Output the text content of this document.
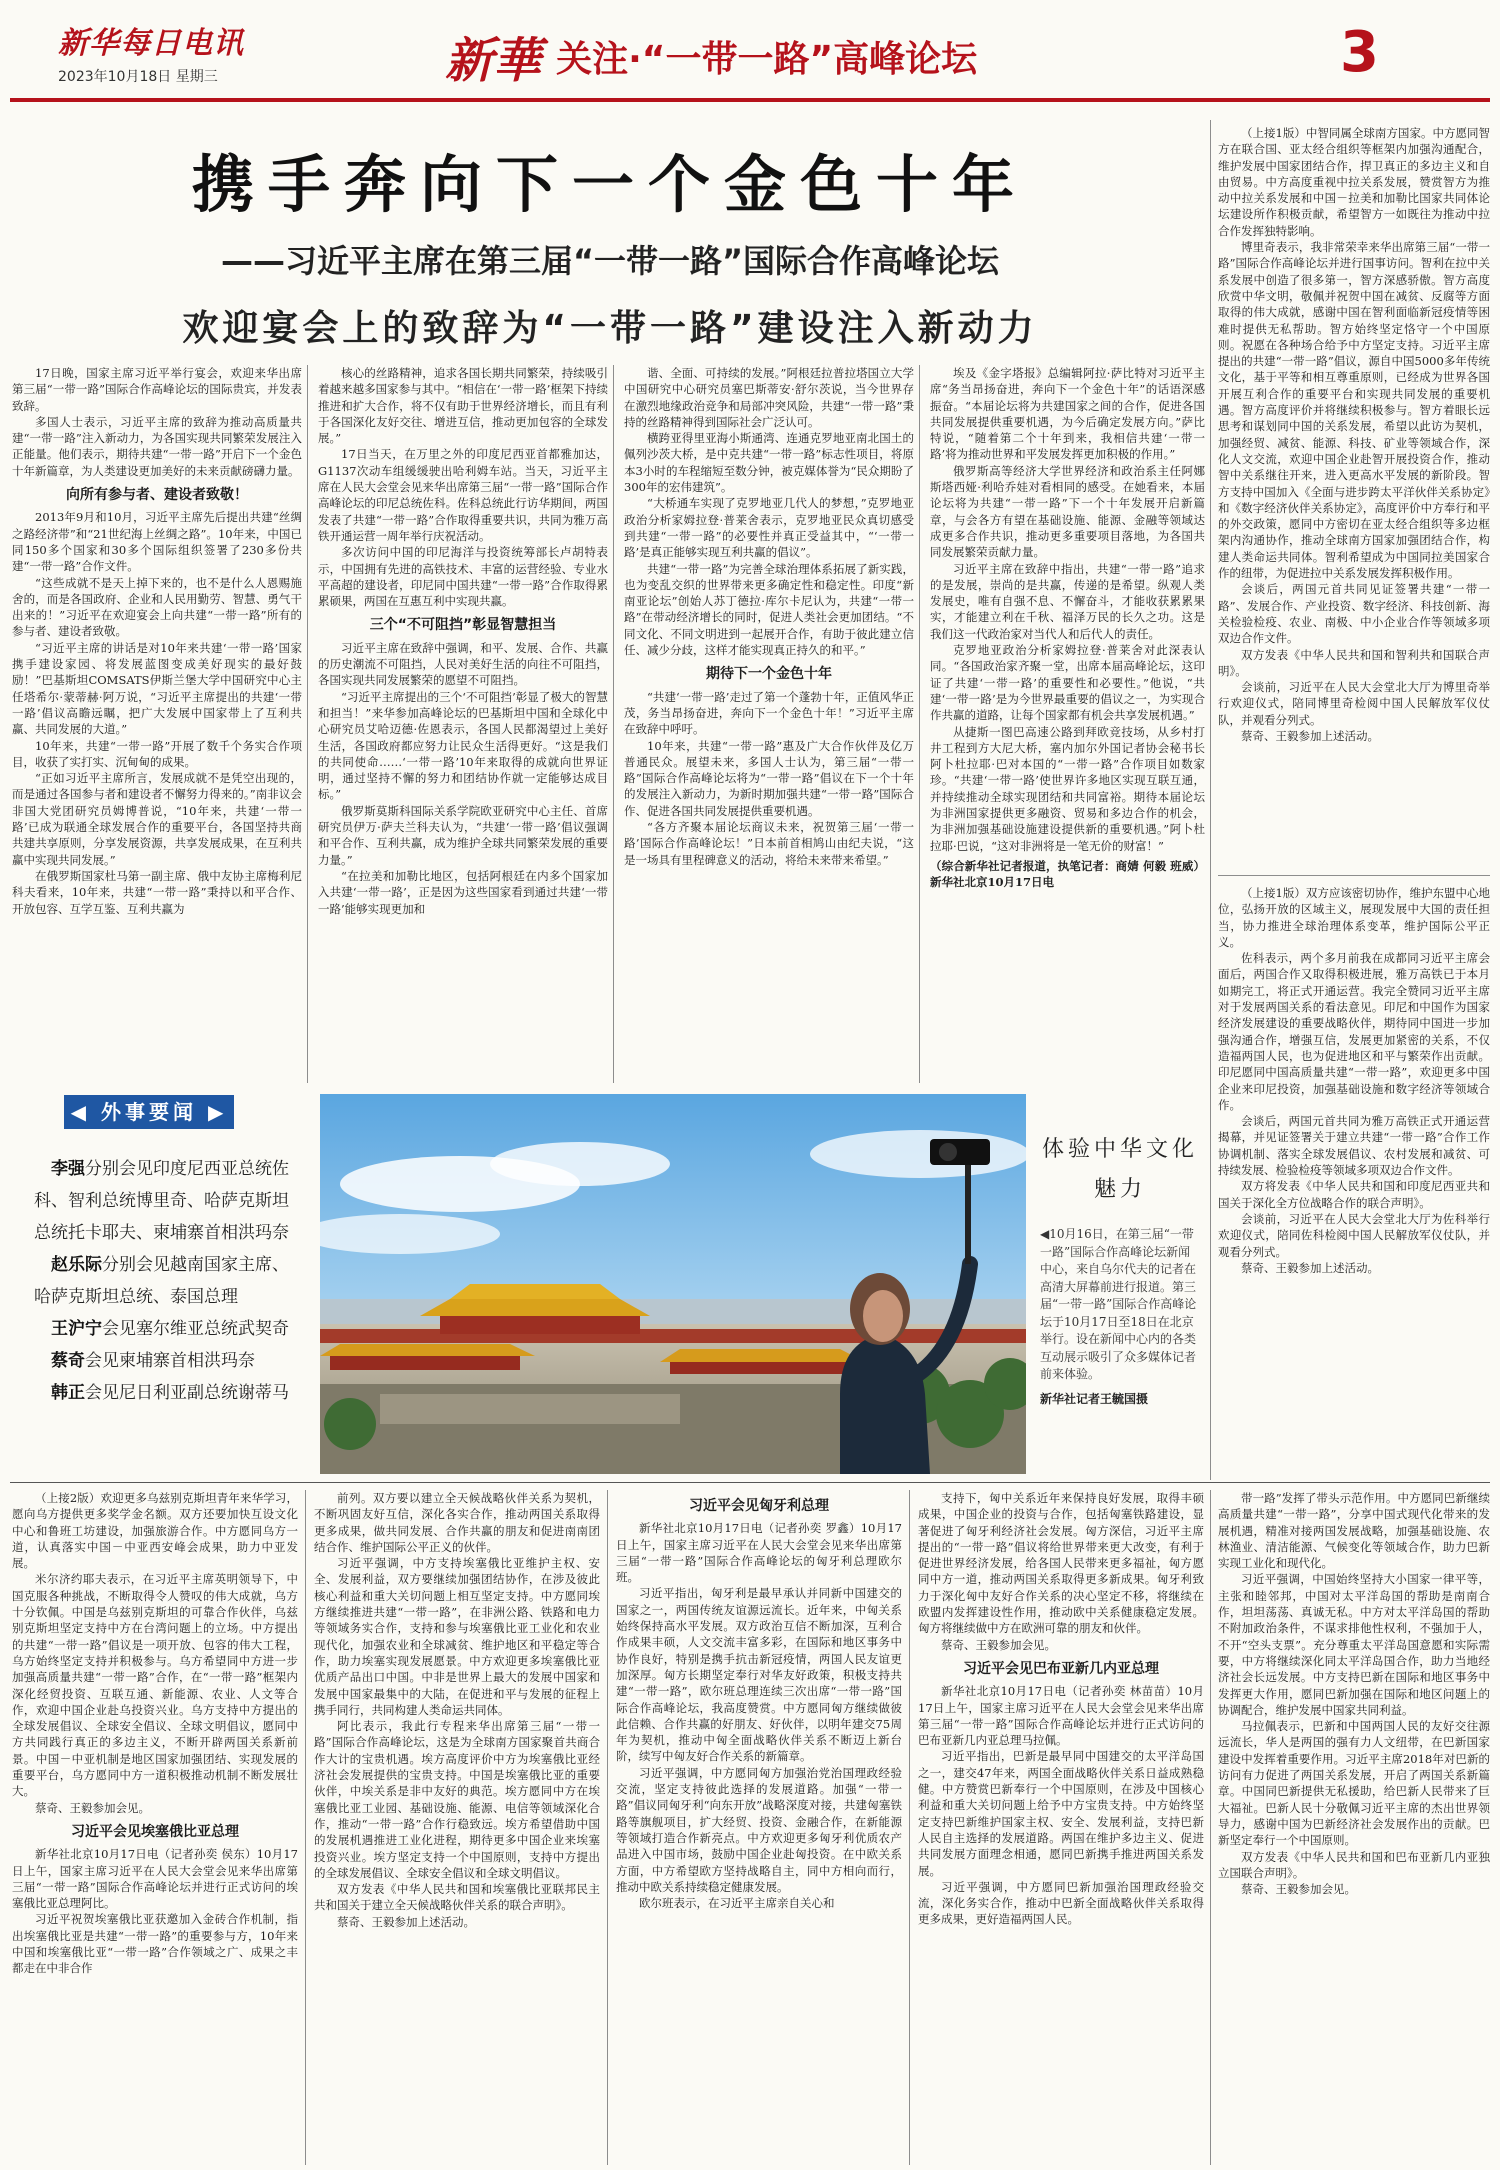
新华每日电讯
2023年10月18日 星期三	新華 关注·“一带一路”高峰论坛	3
携手奔向下一个金色十年
——习近平主席在第三届“一带一路”国际合作高峰论坛
欢迎宴会上的致辞为“一带一路”建设注入新动力

17日晚，国家主席习近平举行宴会，欢迎来华出席第三届“一带一路”国际合作高峰论坛的国际贵宾，并发表致辞。

多国人士表示，习近平主席的致辞为推动高质量共建“一带一路”注入新动力，为各国实现共同繁荣发展注入正能量。他们表示，期待共建“一带一路”开启下一个金色十年新篇章，为人类建设更加美好的未来贡献磅礴力量。

向所有参与者、建设者致敬！

2013年9月和10月，习近平主席先后提出共建“丝绸之路经济带”和“21世纪海上丝绸之路”。10年来，中国已同150多个国家和30多个国际组织签署了230多份共建“一带一路”合作文件。

“这些成就不是天上掉下来的，也不是什么人恩赐施舍的，而是各国政府、企业和人民用勤劳、智慧、勇气干出来的！”习近平在欢迎宴会上向共建“一带一路”所有的参与者、建设者致敬。

“习近平主席的讲话是对10年来共建‘一带一路’国家携手建设家园、将发展蓝图变成美好现实的最好鼓励！”巴基斯坦COMSATS伊斯兰堡大学中国研究中心主任塔希尔·蒙蒂赫·阿万说，“习近平主席提出的共建‘一带一路’倡议高瞻远瞩，把广大发展中国家带上了互利共赢、共同发展的大道。”

10年来，共建“一带一路”开展了数千个务实合作项目，收获了实打实、沉甸甸的成果。

“正如习近平主席所言，发展成就不是凭空出现的，而是通过各国参与者和建设者不懈努力得来的。”南非议会非国大党团研究员姆博普说，“10年来，共建‘一带一路’已成为联通全球发展合作的重要平台，各国坚持共商共建共享原则，分享发展资源，共享发展成果，在互利共赢中实现共同发展。”

在俄罗斯国家杜马第一副主席、俄中友协主席梅利尼科夫看来，10年来，共建“一带一路”秉持以和平合作、开放包容、互学互鉴、互利共赢为

核心的丝路精神，追求各国长期共同繁荣，持续吸引着越来越多国家参与其中。“相信在‘一带一路’框架下持续推进和扩大合作，将不仅有助于世界经济增长，而且有利于各国深化友好交往、增进互信，推动更加包容的全球发展。”

17日当天，在万里之外的印度尼西亚首都雅加达，G1137次动车组缓缓驶出哈利姆车站。当天，习近平主席在人民大会堂会见来华出席第三届“一带一路”国际合作高峰论坛的印尼总统佐科。佐科总统此行访华期间，两国发表了共建“一带一路”合作取得重要共识，共同为雅万高铁开通运营一周年举行庆祝活动。

多次访问中国的印尼海洋与投资统筹部长卢胡特表示，中国拥有先进的高铁技术、丰富的运营经验、专业水平高超的建设者，印尼同中国共建“一带一路”合作取得累累硕果，两国在互惠互利中实现共赢。

三个“不可阻挡”彰显智慧担当

习近平主席在致辞中强调，和平、发展、合作、共赢的历史潮流不可阻挡，人民对美好生活的向往不可阻挡，各国实现共同发展繁荣的愿望不可阻挡。

“习近平主席提出的三个‘不可阻挡’彰显了极大的智慧和担当！”来华参加高峰论坛的巴基斯坦中国和全球化中心研究员艾哈迈德·佐恩表示，各国人民都渴望过上美好生活，各国政府都应努力让民众生活得更好。“这是我们的共同使命……‘一带一路’10年来取得的成就向世界证明，通过坚持不懈的努力和团结协作就一定能够达成目标。”

俄罗斯莫斯科国际关系学院欧亚研究中心主任、首席研究员伊万·萨夫兰科夫认为，“共建‘一带一路’倡议强调和平合作、互利共赢，成为维护全球共同繁荣发展的重要力量。”

“在拉美和加勒比地区，包括阿根廷在内多个国家加入共建‘一带一路’，正是因为这些国家看到通过共建‘一带一路’能够实现更加和

谐、全面、可持续的发展。”阿根廷拉普拉塔国立大学中国研究中心研究员塞巴斯蒂安·舒尔茨说，当今世界存在激烈地缘政治竞争和局部冲突风险，共建“一带一路”秉持的丝路精神得到国际社会广泛认可。

横跨亚得里亚海小斯通湾、连通克罗地亚南北国土的佩列沙茨大桥，是中克共建“一带一路”标志性项目，将原本3小时的车程缩短至数分钟，被克媒体誉为“民众期盼了300年的宏伟建筑”。

“大桥通车实现了克罗地亚几代人的梦想，”克罗地亚政治分析家姆拉登·普莱舍表示，克罗地亚民众真切感受到共建“一带一路”的必要性并真正受益其中，“‘一带一路’是真正能够实现互利共赢的倡议”。

共建“一带一路”为完善全球治理体系拓展了新实践，也为变乱交织的世界带来更多确定性和稳定性。印度“新南亚论坛”创始人苏丁德拉·库尔卡尼认为，共建“一带一路”在带动经济增长的同时，促进人类社会更加团结。“不同文化、不同文明进到一起展开合作，有助于彼此建立信任、减少分歧，这样才能实现真正持久的和平。”

期待下一个金色十年

“共建‘一带一路’走过了第一个蓬勃十年，正值风华正茂，务当昂扬奋进，奔向下一个金色十年！”习近平主席在致辞中呼吁。

10年来，共建“一带一路”惠及广大合作伙伴及亿万普通民众。展望未来，多国人士认为，第三届“一带一路”国际合作高峰论坛将为“一带一路”倡议在下一个十年的发展注入新动力，为新时期加强共建“一带一路”国际合作、促进各国共同发展提供重要机遇。

“各方齐聚本届论坛商议未来，祝贺第三届‘一带一路’国际合作高峰论坛！”日本前首相鸠山由纪夫说，“这是一场具有里程碑意义的活动，将给未来带来希望。”

埃及《金字塔报》总编辑阿拉·萨比特对习近平主席“务当昂扬奋进，奔向下一个金色十年”的话语深感振奋。“本届论坛将为共建国家之间的合作，促进各国共同发展提供重要机遇，为今后确定发展方向。”萨比特说，“随着第二个十年到来，我相信共建‘一带一路’将为推动世界和平发展发挥更加积极的作用。”

俄罗斯高等经济大学世界经济和政治系主任阿娜斯塔西娅·利哈乔娃对看相同的感受。在她看来，本届论坛将为共建“一带一路”下一个十年发展开启新篇章，与会各方有望在基础设施、能源、金融等领域达成更多合作共识，推动更多重要项目落地，为各国共同发展繁荣贡献力量。

习近平主席在致辞中指出，共建“一带一路”追求的是发展，崇尚的是共赢，传递的是希望。纵观人类发展史，唯有自强不息、不懈奋斗，才能收获累累果实，才能建立利在千秋、福泽万民的长久之功。这是我们这一代政治家对当代人和后代人的责任。

克罗地亚政治分析家姆拉登·普莱舍对此深表认同。“各国政治家齐聚一堂，出席本届高峰论坛，这印证了共建‘一带一路’的重要性和必要性。”他说，“共建‘一带一路’是为今世界最重要的倡议之一，为实现合作共赢的道路，让每个国家都有机会共享发展机遇。”

从捷斯一图巴高速公路到拜欧竞技场，从乡村打井工程到方大尼大桥，塞内加尔外国记者协会秘书长阿卜杜拉耶·巴对本国的“一带一路”合作项目如数家珍。“共建‘一带一路’使世界许多地区实现互联互通，并持续推动全球实现团结和共同富裕。期待本届论坛为非洲国家提供更多融资、贸易和多边合作的机会，为非洲加强基础设施建设提供新的重要机遇。”阿卜杜拉耶·巴说，“这对非洲将是一笔无价的财富！”

（综合新华社记者报道，执笔记者：商婧 何毅 班威） 新华社北京10月17日电

（上接1版）中智同属全球南方国家。中方愿同智方在联合国、亚太经合组织等框架内加强沟通配合，维护发展中国家团结合作，捍卫真正的多边主义和自由贸易。中方高度重视中拉关系发展，赞赏智方为推动中拉关系发展和中国－拉美和加勒比国家共同体论坛建设所作积极贡献，希望智方一如既往为推动中拉合作发挥独特影响。

博里奇表示，我非常荣幸来华出席第三届“一带一路”国际合作高峰论坛并进行国事访问。智利在拉中关系发展中创造了很多第一，智方深感骄傲。智方高度欣赏中华文明，敬佩并祝贺中国在减贫、反腐等方面取得的伟大成就，感谢中国在智利面临新冠疫情等困难时提供无私帮助。智方始终坚定恪守一个中国原则。祝愿在各种场合给予中方坚定支持。习近平主席提出的共建“一带一路”倡议，源自中国5000多年传统文化，基于平等和相互尊重原则，已经成为世界各国开展互利合作的重要平台和实现共同发展的重要机遇。智方高度评价并将继续积极参与。智方着眼长远思考和谋划同中国的关系发展，希望以此访为契机，加强经贸、减贫、能源、科技、矿业等领域合作，深化人文交流，欢迎中国企业赴智开展投资合作，推动智中关系继往开来，进入更高水平发展的新阶段。智方支持中国加入《全面与进步跨太平洋伙伴关系协定》和《数字经济伙伴关系协定》，高度评价中方奉行和平的外交政策，愿同中方密切在亚太经合组织等多边框架内沟通协作，推动全球南方国家加强团结合作，构建人类命运共同体。智利希望成为中国同拉美国家合作的纽带，为促进拉中关系发展发挥积极作用。

会谈后，两国元首共同见证签署共建“一带一路”、发展合作、产业投资、数字经济、科技创新、海关检验检疫、农业、南极、中小企业合作等领域多项双边合作文件。

双方发表《中华人民共和国和智利共和国联合声明》。

会谈前，习近平在人民大会堂北大厅为博里奇举行欢迎仪式，陪同博里奇检阅中国人民解放军仪仗队，并观看分列式。

蔡奇、王毅参加上述活动。

（上接1版）双方应该密切协作，维护东盟中心地位，弘扬开放的区域主义，展现发展中大国的责任担当，协力推进全球治理体系变革，维护国际公平正义。

佐科表示，两个多月前我在成都同习近平主席会面后，两国合作又取得积极进展，雅万高铁已于本月如期完工，将正式开通运营。我完全赞同习近平主席对于发展两国关系的看法意见。印尼和中国作为国家经济发展建设的重要战略伙伴，期待同中国进一步加强沟通合作，增强互信，发展更加紧密的关系，不仅造福两国人民，也为促进地区和平与繁荣作出贡献。印尼愿同中国高质量共建“一带一路”，欢迎更多中国企业来印尼投资，加强基础设施和数字经济等领域合作。

会谈后，两国元首共同为雅万高铁正式开通运营揭幕，并见证签署关于建立共建“一带一路”合作工作协调机制、落实全球发展倡议、农村发展和减贫、可持续发展、检验检疫等领域多项双边合作文件。

双方将发表《中华人民共和国和印度尼西亚共和国关于深化全方位战略合作的联合声明》。

会谈前，习近平在人民大会堂北大厅为佐科举行欢迎仪式，陪同佐科检阅中国人民解放军仪仗队，并观看分列式。

蔡奇、王毅参加上述活动。

◀ 外事要闻 ▶
　李强分别会见印度尼西亚总统佐科、智利总统博里奇、哈萨克斯坦总统托卡耶夫、柬埔寨首相洪玛奈
　赵乐际分别会见越南国家主席、哈萨克斯坦总统、泰国总理
　王沪宁会见塞尔维亚总统武契奇
　蔡奇会见柬埔寨首相洪玛奈
　韩正会见尼日利亚副总统谢蒂马
体验中华文化魅力
◀10月16日，在第三届“一带一路”国际合作高峰论坛新闻中心，来自乌尔代夫的记者在高清大屏幕前进行报道。第三届“一带一路”国际合作高峰论坛于10月17日至18日在北京举行。设在新闻中心内的各类互动展示吸引了众多媒体记者前来体验。
新华社记者王毓国摄

（上接2版）欢迎更多乌兹别克斯坦青年来华学习，愿向乌方提供更多奖学金名额。双方还要加快互设文化中心和鲁班工坊建设，加强旅游合作。中方愿同乌方一道，认真落实中国－中亚西安峰会成果，助力中亚发展。

米尔济约耶夫表示，在习近平主席英明领导下，中国克服各种挑战，不断取得令人赞叹的伟大成就，乌方十分钦佩。中国是乌兹别克斯坦的可靠合作伙伴，乌兹别克斯坦坚定支持中方在台湾问题上的立场。中方提出的共建“一带一路”倡议是一项开放、包容的伟大工程，乌方始终坚定支持并积极参与。乌方希望同中方进一步加强高质量共建“一带一路”合作，在“一带一路”框架内深化经贸投资、互联互通、新能源、农业、人文等合作，欢迎中国企业赴乌投资兴业。乌方支持中方提出的全球发展倡议、全球安全倡议、全球文明倡议，愿同中方共同践行真正的多边主义，不断开辟两国关系新前景。中国－中亚机制是地区国家加强团结、实现发展的重要平台，乌方愿同中方一道积极推动机制不断发展壮大。

蔡奇、王毅参加会见。

习近平会见埃塞俄比亚总理

新华社北京10月17日电（记者孙奕 侯东）10月17日上午，国家主席习近平在人民大会堂会见来华出席第三届“一带一路”国际合作高峰论坛并进行正式访问的埃塞俄比亚总理阿比。

习近平祝贺埃塞俄比亚获邀加入金砖合作机制，指出埃塞俄比亚是共建“一带一路”的重要参与方，10年来中国和埃塞俄比亚“一带一路”合作领域之广、成果之丰都走在中非合作

前列。双方要以建立全天候战略伙伴关系为契机，不断巩固友好互信，深化各实合作，推动两国关系取得更多成果，做共同发展、合作共赢的朋友和促进南南团结合作、维护国际公平正义的伙伴。

习近平强调，中方支持埃塞俄比亚维护主权、安全、发展利益，双方要继续加强团结协作，在涉及彼此核心利益和重大关切问题上相互坚定支持。中方愿同埃方继续推进共建“一带一路”，在非洲公路、铁路和电力等领域务实合作，支持和参与埃塞俄比亚工业化和农业现代化，加强农业和全球减贫、维护地区和平稳定等合作，助力埃塞实现发展愿景。中方欢迎更多埃塞俄比亚优质产品出口中国。中非是世界上最大的发展中国家和发展中国家最集中的大陆，在促进和平与发展的征程上携手同行，共同构建人类命运共同体。

阿比表示，我此行专程来华出席第三届“一带一路”国际合作高峰论坛，这是为全球南方国家聚首共商合作大计的宝贵机遇。埃方高度评价中方为埃塞俄比亚经济社会发展提供的宝贵支持。中国是埃塞俄比亚的重要伙伴，中埃关系是非中友好的典范。埃方愿同中方在埃塞俄比亚工业园、基础设施、能源、电信等领域深化合作，推动“一带一路”合作行稳致远。埃方希望借助中国的发展机遇推进工业化进程，期待更多中国企业来埃塞投资兴业。埃方坚定支持一个中国原则，支持中方提出的全球发展倡议、全球安全倡议和全球文明倡议。

双方发表《中华人民共和国和埃塞俄比亚联邦民主共和国关于建立全天候战略伙伴关系的联合声明》。

蔡奇、王毅参加上述活动。

习近平会见匈牙利总理

新华社北京10月17日电（记者孙奕 罗鑫）10月17日上午，国家主席习近平在人民大会堂会见来华出席第三届“一带一路”国际合作高峰论坛的匈牙利总理欧尔班。

习近平指出，匈牙利是最早承认并同新中国建交的国家之一，两国传统友谊源远流长。近年来，中匈关系始终保持高水平发展。双方政治互信不断加深，互利合作成果丰硕，人文交流丰富多彩，在国际和地区事务中协作良好，特别是携手抗击新冠疫情，两国人民友谊更加深厚。匈方长期坚定奉行对华友好政策，积极支持共建“一带一路”，欧尔班总理连续三次出席“一带一路”国际合作高峰论坛，我高度赞赏。中方愿同匈方继续做彼此信赖、合作共赢的好朋友、好伙伴，以明年建交75周年为契机，推动中匈全面战略伙伴关系不断迈上新台阶，续写中匈友好合作关系的新篇章。

习近平强调，中方愿同匈方加强治党治国理政经验交流，坚定支持彼此选择的发展道路。加强“一带一路”倡议同匈牙利“向东开放”战略深度对接，共建匈塞铁路等旗舰项目，扩大经贸、投资、金融合作，在新能源等领域打造合作新亮点。中方欢迎更多匈牙利优质农产品进入中国市场，鼓励中国企业赴匈投资。在中欧关系方面，中方希望欧方坚持战略自主，同中方相向而行，推动中欧关系持续稳定健康发展。

欧尔班表示，在习近平主席亲自关心和

支持下，匈中关系近年来保持良好发展，取得丰硕成果，中国企业的投资与合作，包括匈塞铁路建设，显著促进了匈牙利经济社会发展。匈方深信，习近平主席提出的“一带一路”倡议将给世界带来更大改变，有利于促进世界经济发展，给各国人民带来更多福祉，匈方愿同中方一道，推动两国关系取得更多新成果。匈牙利致力于深化匈中友好合作关系的决心坚定不移，将继续在欧盟内发挥建设性作用，推动欧中关系健康稳定发展。匈方将继续做中方在欧洲可靠的朋友和伙伴。

蔡奇、王毅参加会见。

习近平会见巴布亚新几内亚总理

新华社北京10月17日电（记者孙奕 林苗苗）10月17日上午，国家主席习近平在人民大会堂会见来华出席第三届“一带一路”国际合作高峰论坛并进行正式访问的巴布亚新几内亚总理马拉佩。

习近平指出，巴新是最早同中国建交的太平洋岛国之一，建交47年来，两国全面战略伙伴关系日益成熟稳健。中方赞赏巴新奉行一个中国原则，在涉及中国核心利益和重大关切问题上给予中方宝贵支持。中方始终坚定支持巴新维护国家主权、安全、发展利益，支持巴新人民自主选择的发展道路。两国在维护多边主义、促进共同发展方面理念相通，愿同巴新携手推进两国关系发展。

习近平强调，中方愿同巴新加强治国理政经验交流，深化务实合作，推动中巴新全面战略伙伴关系取得更多成果，更好造福两国人民。

带一路”发挥了带头示范作用。中方愿同巴新继续高质量共建“一带一路”，分享中国式现代化带来的发展机遇，精准对接两国发展战略，加强基础设施、农林渔业、清洁能源、气候变化等领域合作，助力巴新实现工业化和现代化。

习近平强调，中国始终坚持大小国家一律平等，主张和睦邻邦，中国对太平洋岛国的帮助是南南合作，坦坦荡荡、真诚无私。中方对太平洋岛国的帮助不附加政治条件，不谋求排他性权利，不强加于人，不开“空头支票”。充分尊重太平洋岛国意愿和实际需要，中方将继续深化同太平洋岛国合作，助力当地经济社会长远发展。中方支持巴新在国际和地区事务中发挥更大作用，愿同巴新加强在国际和地区问题上的协调配合，维护发展中国家共同利益。

马拉佩表示，巴新和中国两国人民的友好交往源远流长，华人是两国的强有力人文纽带，在巴新国家建设中发挥着重要作用。习近平主席2018年对巴新的访问有力促进了两国关系发展，开启了两国关系新篇章。中国同巴新提供无私援助，给巴新人民带来了巨大福祉。巴新人民十分敬佩习近平主席的杰出世界领导力，感谢中国为巴新经济社会发展作出的贡献。巴新坚定奉行一个中国原则。

双方发表《中华人民共和国和巴布亚新几内亚独立国联合声明》。

蔡奇、王毅参加会见。
